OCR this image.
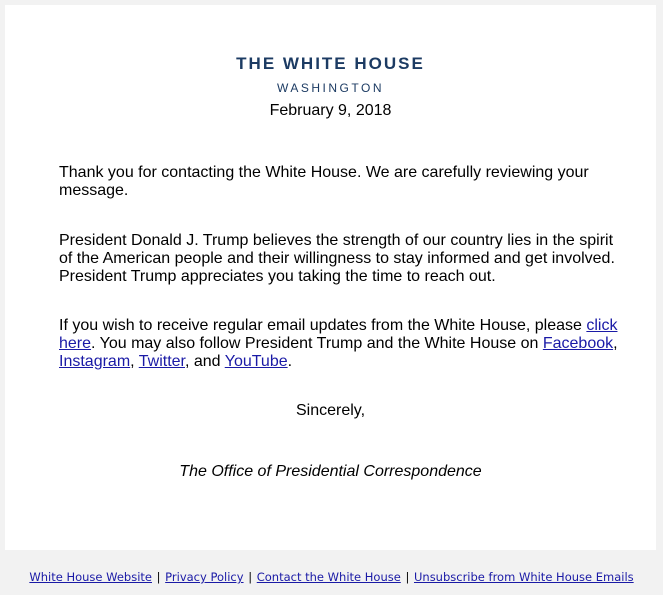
THE WHITE HOUSE
WASHINGTON
February 9, 2018
Thank you for contacting the White House. We are carefully reviewing your message.
President Donald J. Trump believes the strength of our country lies in the spirit of the American people and their willingness to stay informed and get involved. President Trump appreciates you taking the time to reach out.
If you wish to receive regular email updates from the White House, please click here. You may also follow President Trump and the White House on Facebook, Instagram, Twitter, and YouTube.
Sincerely,
The Office of Presidential Correspondence
White House Website | Privacy Policy | Contact the White House | Unsubscribe from White House Emails
